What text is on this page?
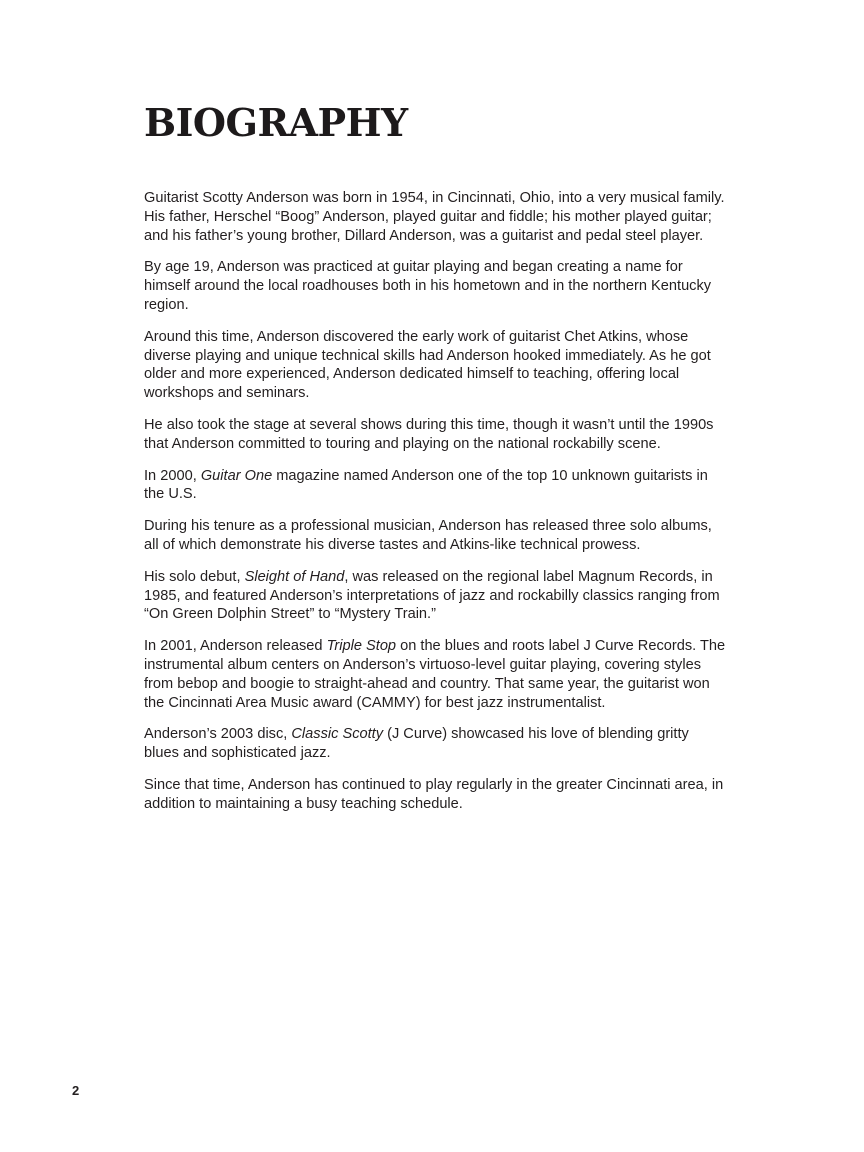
BIOGRAPHY

Guitarist Scotty Anderson was born in 1954, in Cincinnati, Ohio, into a very musical family. His father, Herschel “Boog” Anderson, played guitar and fiddle; his mother played guitar; and his father’s young brother, Dillard Anderson, was a guitarist and pedal steel player.

By age 19, Anderson was practiced at guitar playing and began creating a name for himself around the local roadhouses both in his hometown and in the northern Kentucky region.

Around this time, Anderson discovered the early work of guitarist Chet Atkins, whose diverse playing and unique technical skills had Anderson hooked immediately. As he got older and more experienced, Anderson dedicated himself to teaching, offering local workshops and seminars.

He also took the stage at several shows during this time, though it wasn’t until the 1990s that Anderson committed to touring and playing on the national rockabilly scene.

In 2000, Guitar One magazine named Anderson one of the top 10 unknown guitarists in the U.S.

During his tenure as a professional musician, Anderson has released three solo albums, all of which demonstrate his diverse tastes and Atkins-like technical prowess.

His solo debut, Sleight of Hand, was released on the regional label Magnum Records, in 1985, and featured Anderson’s interpretations of jazz and rockabilly classics ranging from “On Green Dolphin Street” to “Mystery Train.”

In 2001, Anderson released Triple Stop on the blues and roots label J Curve Records. The instrumental album centers on Anderson’s virtuoso-level guitar playing, covering styles from bebop and boogie to straight-ahead and country. That same year, the guitarist won the Cincinnati Area Music award (CAMMY) for best jazz instrumentalist.

Anderson’s 2003 disc, Classic Scotty (J Curve) showcased his love of blending gritty blues and sophisticated jazz.

Since that time, Anderson has continued to play regularly in the greater Cincinnati area, in addition to maintaining a busy teaching schedule.

2
